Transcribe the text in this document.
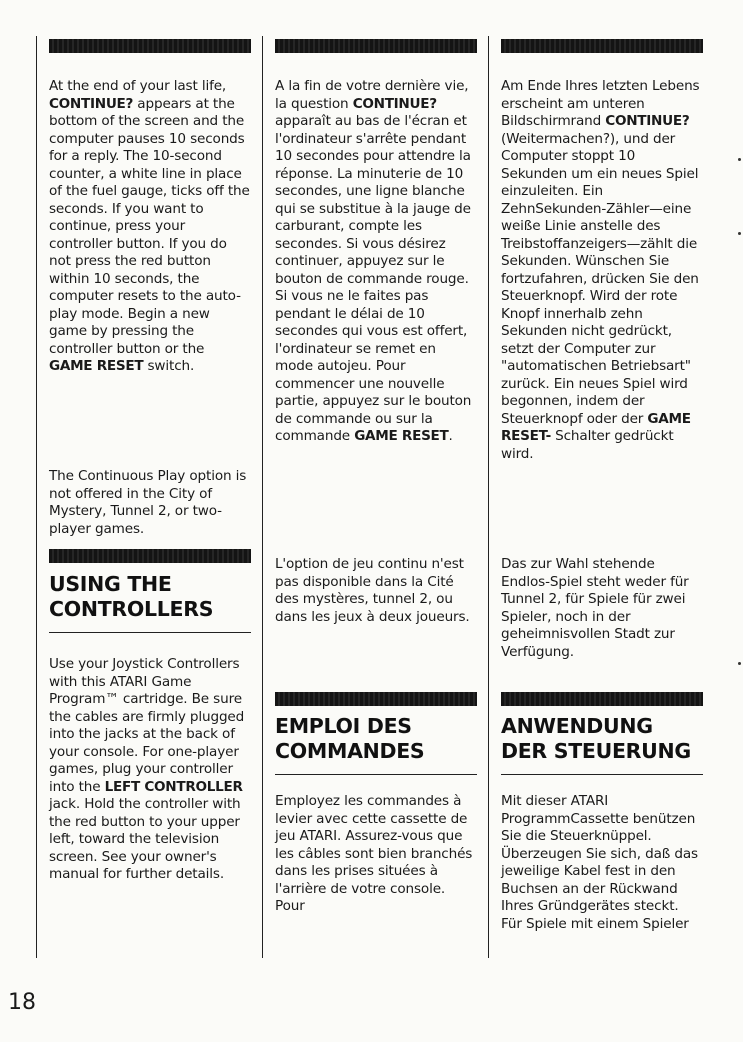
At the end of your last life, CONTINUE? appears at the bottom of the screen and the computer pauses 10 seconds for a reply. The 10-second counter, a white line in place of the fuel gauge, ticks off the seconds. If you want to continue, press your controller button. If you do not press the red button within 10 seconds, the computer resets to the auto-play mode. Begin a new game by pressing the controller button or the GAME RESET switch.

The Continuous Play option is not offered in the City of Mystery, Tunnel 2, or two-player games.

USING THE CONTROLLERS

Use your Joystick Controllers with this ATARI Game Program™ cartridge. Be sure the cables are firmly plugged into the jacks at the back of your console. For one-player games, plug your controller into the LEFT CONTROLLER jack. Hold the controller with the red button to your upper left, toward the television screen. See your owner's manual for further details.

A la fin de votre dernière vie, la question CONTINUE? apparaît au bas de l'écran et l'ordinateur s'arrête pendant 10 secondes pour attendre la réponse. La minuterie de 10 secondes, une ligne blanche qui se substitue à la jauge de carburant, compte les secondes. Si vous désirez continuer, appuyez sur le bouton de commande rouge. Si vous ne le faites pas pendant le délai de 10 secondes qui vous est offert, l'ordinateur se remet en mode autojeu. Pour commencer une nouvelle partie, appuyez sur le bouton de commande ou sur la commande GAME RESET.

L'option de jeu continu n'est pas disponible dans la Cité des mystères, tunnel 2, ou dans les jeux à deux joueurs.

EMPLOI DES COMMANDES

Employez les commandes à levier avec cette cassette de jeu ATARI. Assurez-vous que les câbles sont bien branchés dans les prises situées à l'arrière de votre console. Pour

Am Ende Ihres letzten Lebens erscheint am unteren Bildschirmrand CONTINUE? (Weitermachen?), und der Computer stoppt 10 Sekunden um ein neues Spiel einzuleiten. Ein ZehnSekunden-Zähler—eine weiße Linie anstelle des Treibstoffanzeigers—zählt die Sekunden. Wünschen Sie fortzufahren, drücken Sie den Steuerknopf. Wird der rote Knopf innerhalb zehn Sekunden nicht gedrückt, setzt der Computer zur "automatischen Betriebsart" zurück. Ein neues Spiel wird begonnen, indem der Steuerknopf oder der GAME RESET- Schalter gedrückt wird.

Das zur Wahl stehende Endlos-Spiel steht weder für Tunnel 2, für Spiele für zwei Spieler, noch in der geheimnisvollen Stadt zur Verfügung.

ANWENDUNG DER STEUERUNG

Mit dieser ATARI ProgrammCassette benützen Sie die Steuerknüppel. Überzeugen Sie sich, daß das jeweilige Kabel fest in den Buchsen an der Rückwand Ihres Gründgerätes steckt. Für Spiele mit einem Spieler

18
